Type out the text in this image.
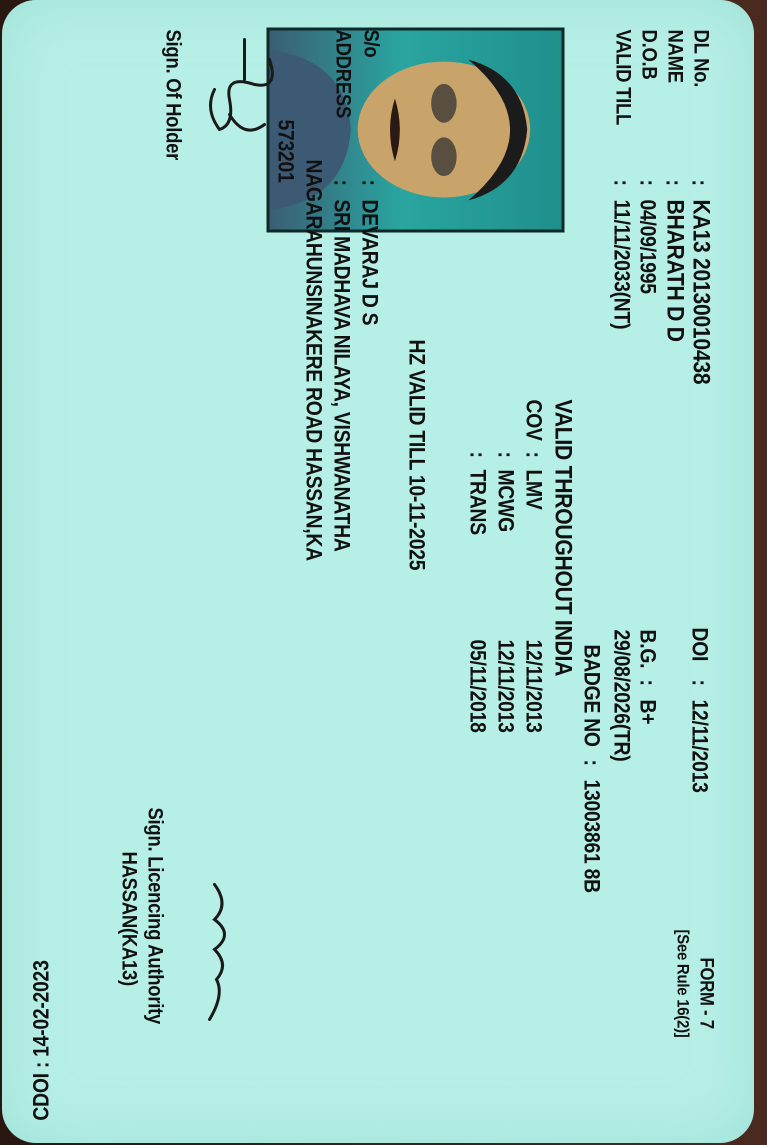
DL No.
NAME
D.O.B
VALID TILL
:
:
:
:
KA13 20130010438
BHARATH D D
04/09/1995
11/11/2033(NT)
DOI
:
12/11/2013
FORM - 7
[See Rule 16(2)]
B.G.
:
B+
29/08/2026(TR)
BADGE NO
:
13003861 8B
VALID THROUGHOUT INDIA
COV
:
LMV
12/11/2013
:
MCWG
12/11/2013
:
TRANS
05/11/2018
HZ VALID TILL 10-11-2025
S/o
:
DEVARAJ D S
ADDRESS
:
SRI MADHAVA NILAYA, VISHWANATHA
NAGARAHUNSINAKERE ROAD HASSAN,KA
573201
Sign. Of Holder
Sign. Licencing Authority
HASSAN(KA13)
CDOI : 14-02-2023
